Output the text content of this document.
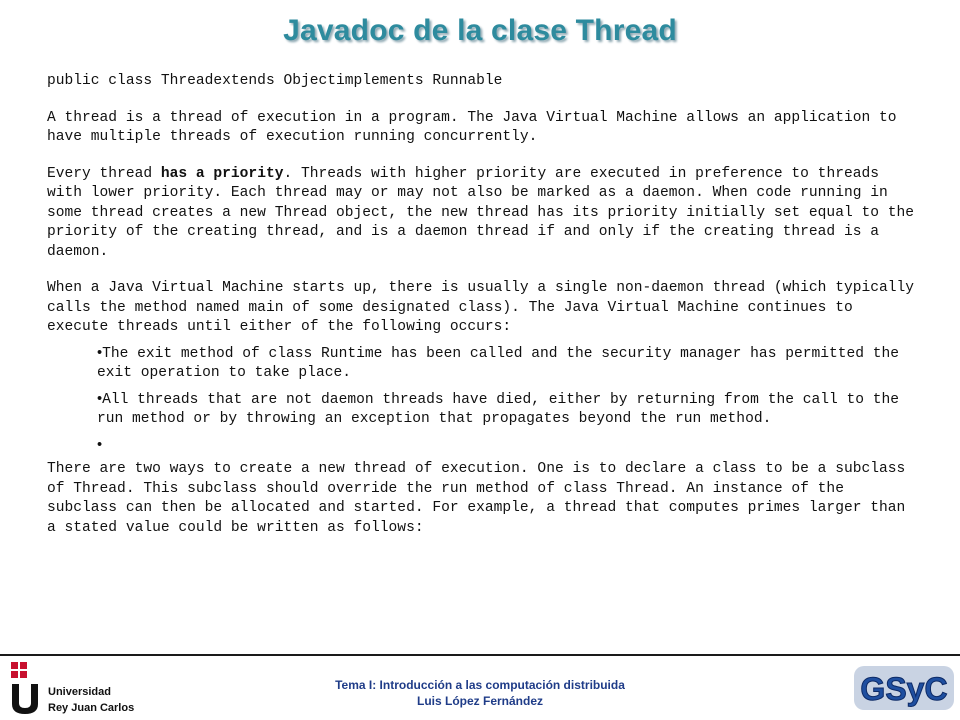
Javadoc de la clase Thread
public class Threadextends Objectimplements Runnable
A thread is a thread of execution in a program. The Java Virtual Machine allows an application to have multiple threads of execution running concurrently.
Every thread has a priority. Threads with higher priority are executed in preference to threads with lower priority. Each thread may or may not also be marked as a daemon. When code running in some thread creates a new Thread object, the new thread has its priority initially set equal to the priority of the creating thread, and is a daemon thread if and only if the creating thread is a daemon.
When a Java Virtual Machine starts up, there is usually a single non-daemon thread (which typically calls the method named main of some designated class). The Java Virtual Machine continues to execute threads until either of the following occurs:
•The exit method of class Runtime has been called and the security manager has permitted the exit operation to take place.
•All threads that are not daemon threads have died, either by returning from the call to the run method or by throwing an exception that propagates beyond the run method.
•
There are two ways to create a new thread of execution. One is to declare a class to be a subclass of Thread. This subclass should override the run method of class Thread. An instance of the subclass can then be allocated and started. For example, a thread that computes primes larger than a stated value could be written as follows:
Universidad
Rey Juan Carlos
Tema I: Introducción a las computación distribuida
Luis López Fernández	GSyC
